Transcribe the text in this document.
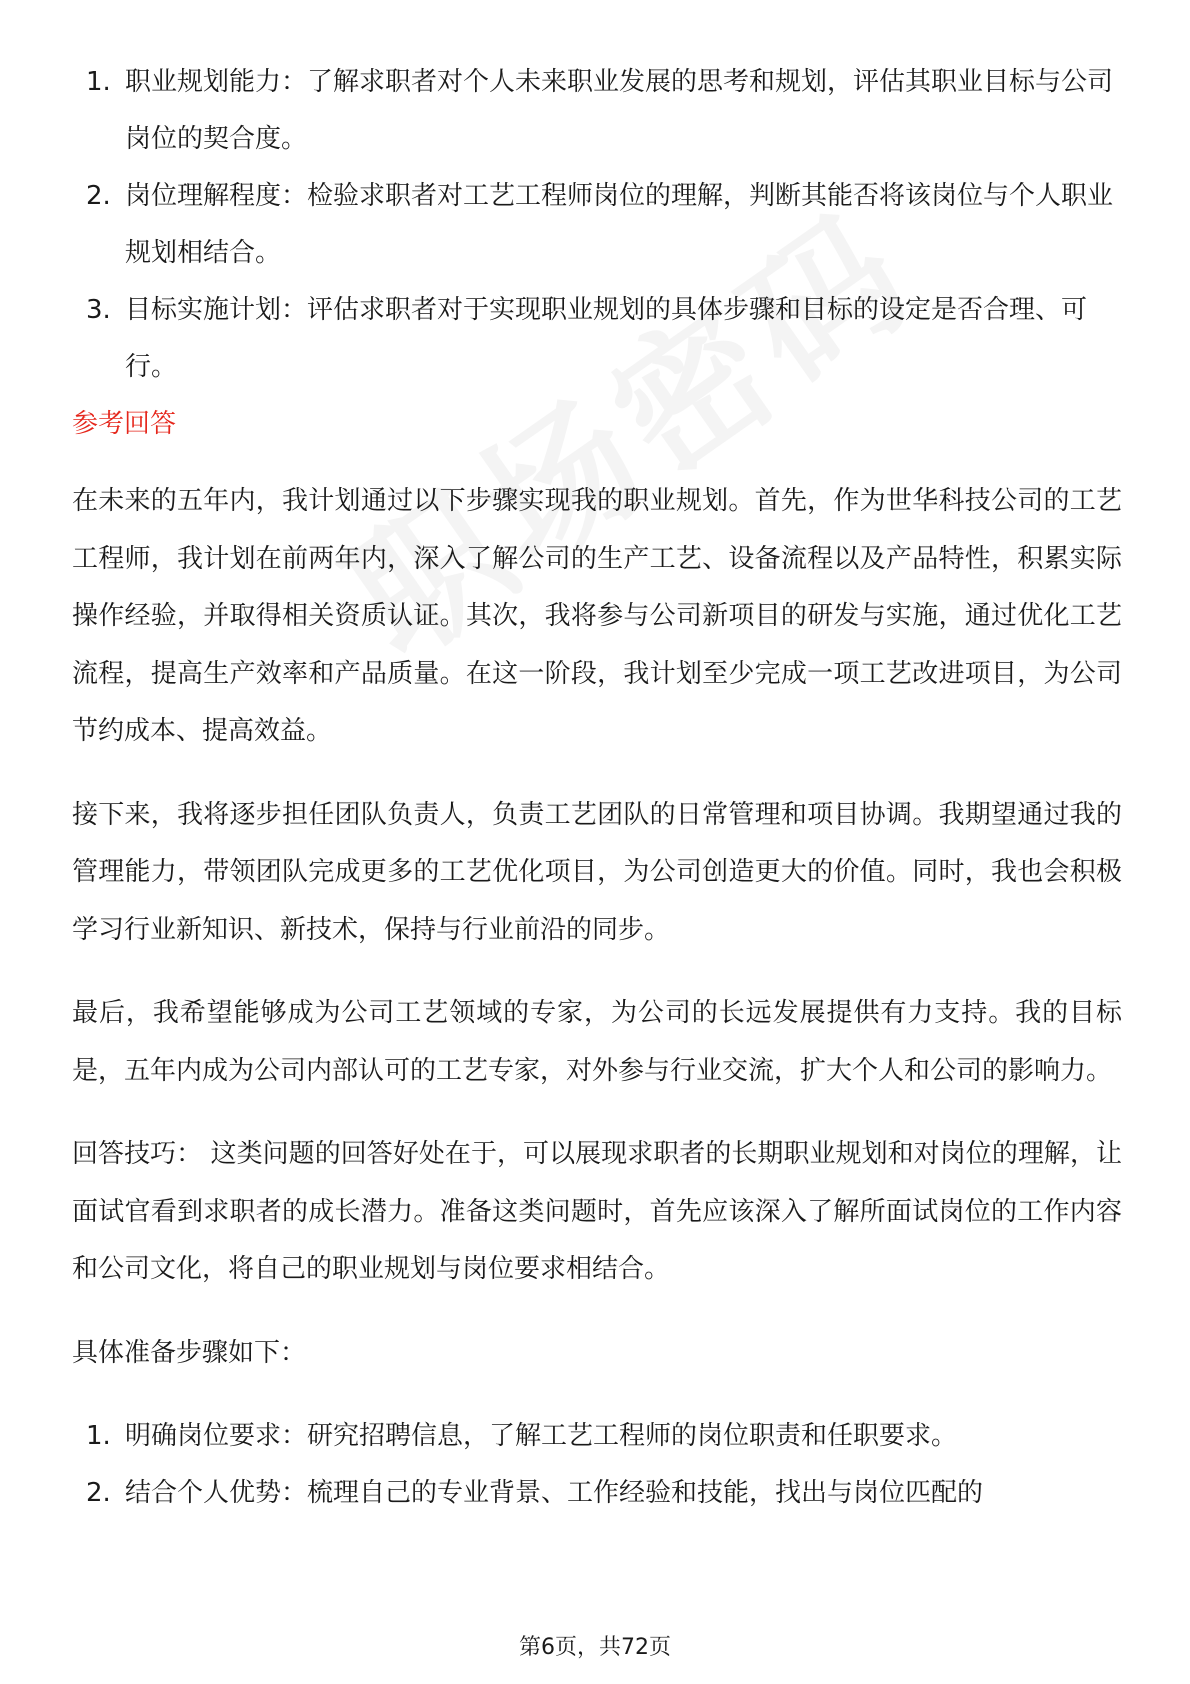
1. 职业规划能力：了解求职者对个人未来职业发展的思考和规划，评估其职业目标与公司岗位的契合度。
2. 岗位理解程度：检验求职者对工艺工程师岗位的理解，判断其能否将该岗位与个人职业规划相结合。
3. 目标实施计划：评估求职者对于实现职业规划的具体步骤和目标的设定是否合理、可行。
参考回答

在未来的五年内，我计划通过以下步骤实现我的职业规划。首先，作为世华科技公司的工艺工程师，我计划在前两年内，深入了解公司的生产工艺、设备流程以及产品特性，积累实际操作经验，并取得相关资质认证。其次，我将参与公司新项目的研发与实施，通过优化工艺流程，提高生产效率和产品质量。在这一阶段，我计划至少完成一项工艺改进项目，为公司节约成本、提高效益。

接下来，我将逐步担任团队负责人，负责工艺团队的日常管理和项目协调。我期望通过我的管理能力，带领团队完成更多的工艺优化项目，为公司创造更大的价值。同时，我也会积极学习行业新知识、新技术，保持与行业前沿的同步。

最后，我希望能够成为公司工艺领域的专家，为公司的长远发展提供有力支持。我的目标是，五年内成为公司内部认可的工艺专家，对外参与行业交流，扩大个人和公司的影响力。

回答技巧： 这类问题的回答好处在于，可以展现求职者的长期职业规划和对岗位的理解，让面试官看到求职者的成长潜力。准备这类问题时，首先应该深入了解所面试岗位的工作内容和公司文化，将自己的职业规划与岗位要求相结合。

具体准备步骤如下：

1. 明确岗位要求：研究招聘信息，了解工艺工程师的岗位职责和任职要求。
2. 结合个人优势：梳理自己的专业背景、工作经验和技能，找出与岗位匹配的
第6页，共72页
